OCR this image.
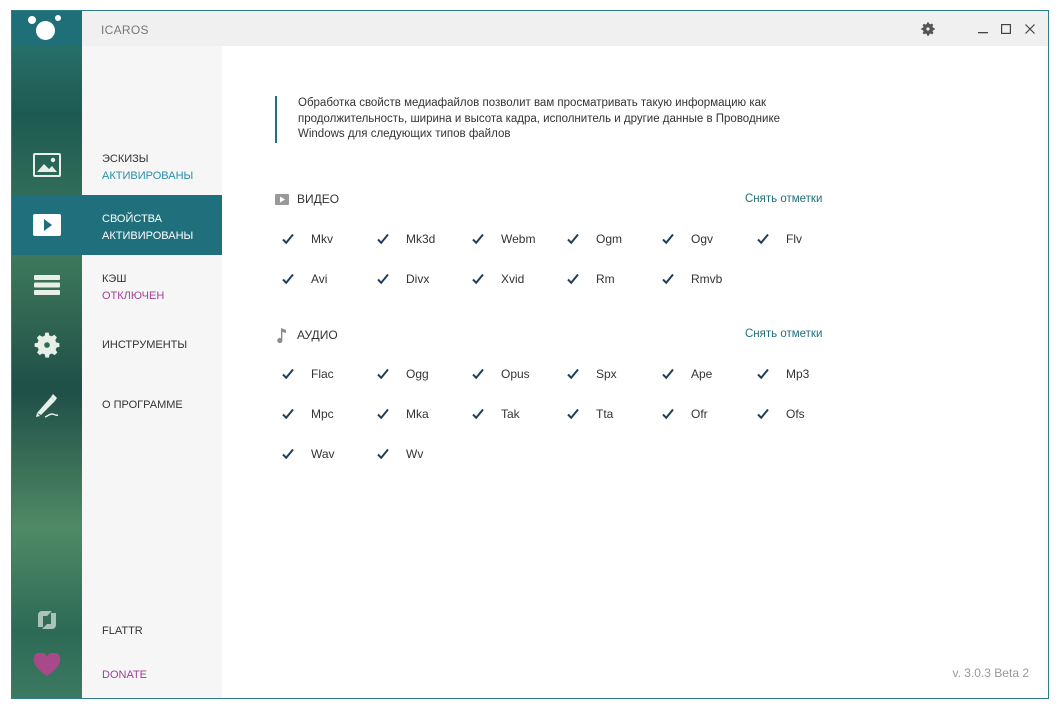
ICAROS
ЭСКИЗЫ
АКТИВИРОВАНЫ
СВОЙСТВА
АКТИВИРОВАНЫ
КЭШ
ОТКЛЮЧЕН
ИНСТРУМЕНТЫ
О ПРОГРАММЕ
FLATTR
DONATE
Обработка свойств медиафайлов позволит вам просматривать такую информацию как продолжительность, ширина и высота кадра, исполнитель и другие данные в Проводнике Windows для следующих типов файлов
ВИДЕО	Снять отметки
АУДИО	Снять отметки
v. 3.0.3 Beta 2
Mkv	Mk3d	Webm	Ogm	Ogv	Flv
Avi	Divx	Xvid	Rm	Rmvb
Flac	Ogg	Opus	Spx	Ape	Mp3
Mpc	Mka	Tak	Tta	Ofr	Ofs
Wav	Wv
